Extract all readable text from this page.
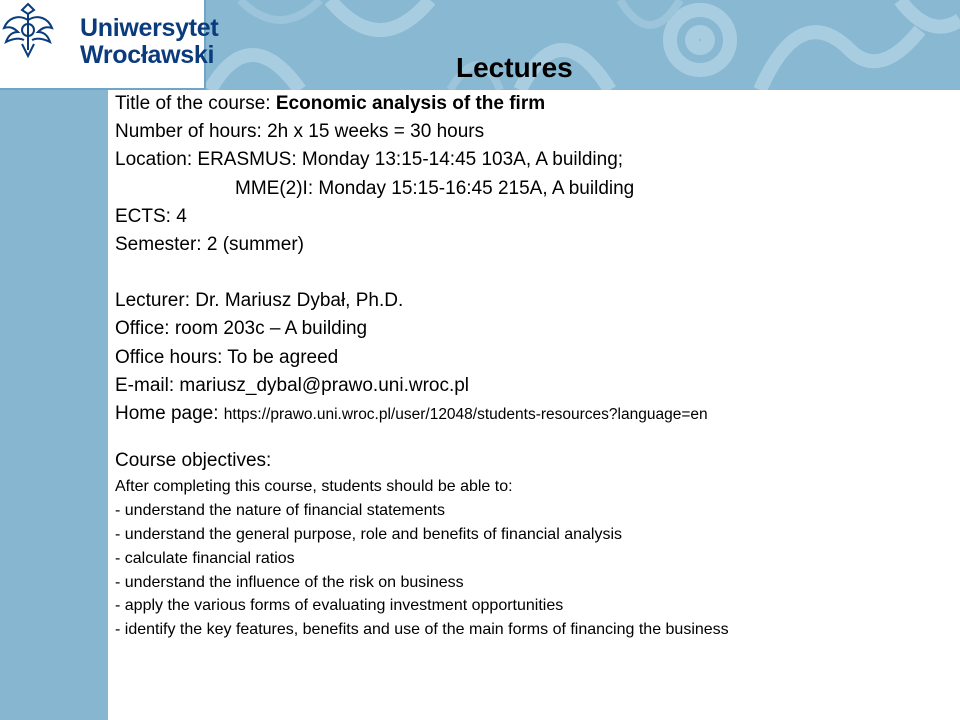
Uniwersytet
Wrocławski	Lectures
Title of the course: Economic analysis of the firm
Number of hours: 2h x 15 weeks = 30 hours
Location: ERASMUS: Monday 13:15-14:45 103A, A building;
MME(2)I: Monday 15:15-16:45 215A, A building
ECTS: 4
Semester: 2 (summer)
Lecturer: Dr. Mariusz Dybał, Ph.D.
Office: room 203c – A building
Office hours: To be agreed
E-mail: mariusz_dybal@prawo.uni.wroc.pl
Home page: https://prawo.uni.wroc.pl/user/12048/students-resources?language=en
Course objectives:
After completing this course, students should be able to:
- understand the nature of financial statements
- understand the general purpose, role and benefits of financial analysis
- calculate financial ratios
- understand the influence of the risk on business
- apply the various forms of evaluating investment opportunities
- identify the key features, benefits and use of the main forms of financing the business
